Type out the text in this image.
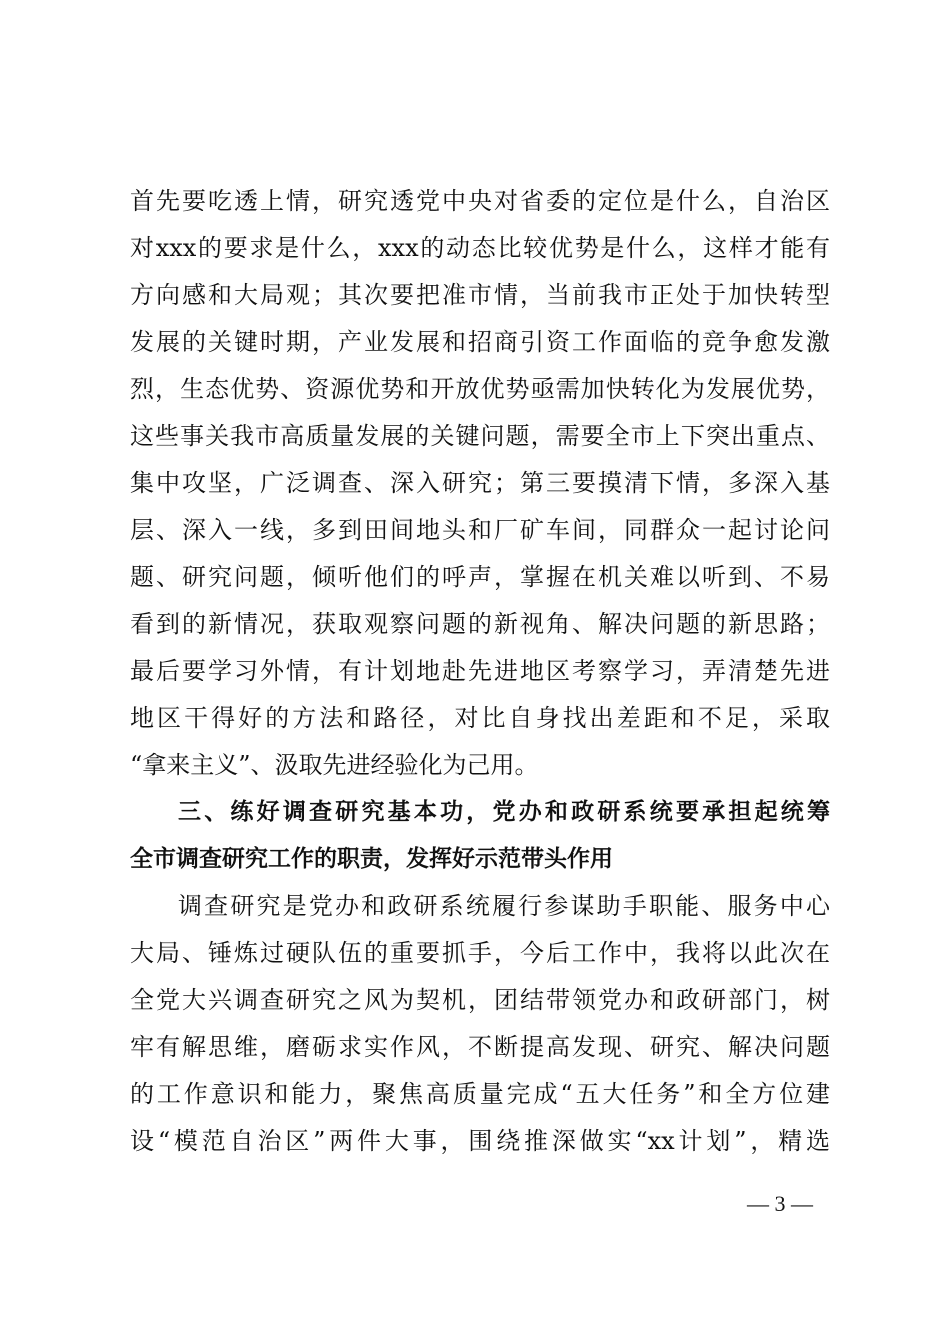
首先要吃透上情，研究透党中央对省委的定位是什么，自治区
对xxx的要求是什么，xxx的动态比较优势是什么，这样才能有
方向感和大局观；其次要把准市情，当前我市正处于加快转型
发展的关键时期，产业发展和招商引资工作面临的竞争愈发激
烈，生态优势、资源优势和开放优势亟需加快转化为发展优势，
这些事关我市高质量发展的关键问题，需要全市上下突出重点、
集中攻坚，广泛调查、深入研究；第三要摸清下情，多深入基
层、深入一线，多到田间地头和厂矿车间，同群众一起讨论问
题、研究问题，倾听他们的呼声，掌握在机关难以听到、不易
看到的新情况，获取观察问题的新视角、解决问题的新思路；
最后要学习外情，有计划地赴先进地区考察学习，弄清楚先进
地区干得好的方法和路径，对比自身找出差距和不足，采取
“拿来主义”、汲取先进经验化为己用。
三、练好调查研究基本功，党办和政研系统要承担起统筹
全市调查研究工作的职责，发挥好示范带头作用
调查研究是党办和政研系统履行参谋助手职能、服务中心
大局、锤炼过硬队伍的重要抓手，今后工作中，我将以此次在
全党大兴调查研究之风为契机，团结带领党办和政研部门，树
牢有解思维，磨砺求实作风，不断提高发现、研究、解决问题
的工作意识和能力，聚焦高质量完成“五大任务”和全方位建
设“模范自治区”两件大事，围绕推深做实“xx计划”，精选
— 3 —
